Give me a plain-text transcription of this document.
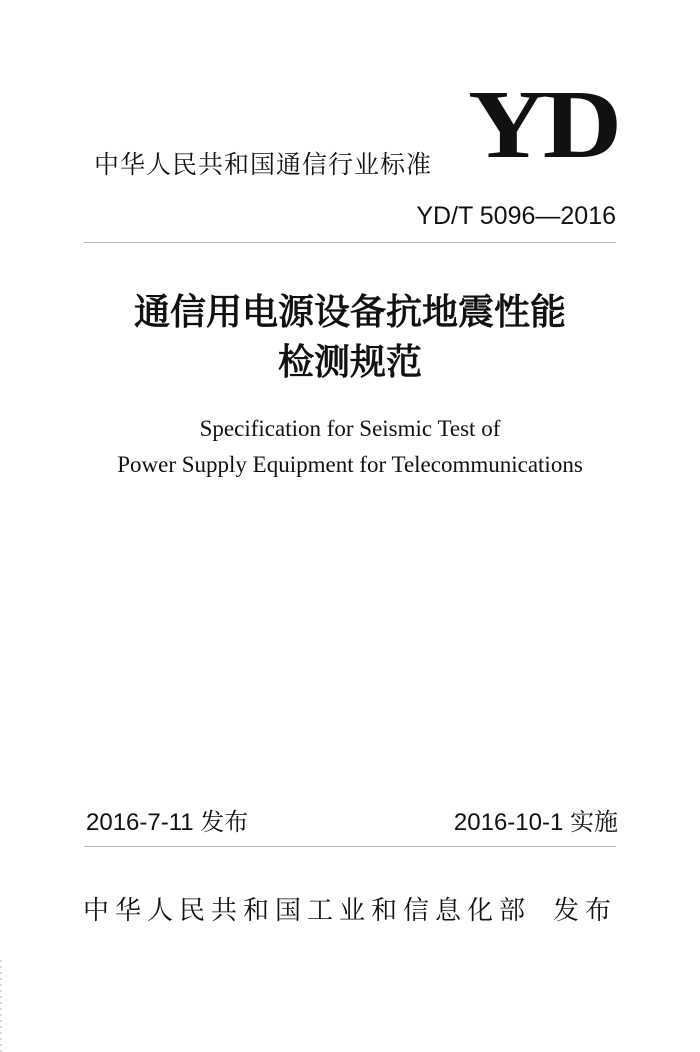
YD
中华人民共和国通信行业标准
YD/T 5096—2016
通信用电源设备抗地震性能
检测规范
Specification for Seismic Test of
Power Supply Equipment for Telecommunications
2016-7-11 发布	2016-10-1 实施
中华人民共和国工业和信息化部 发布
